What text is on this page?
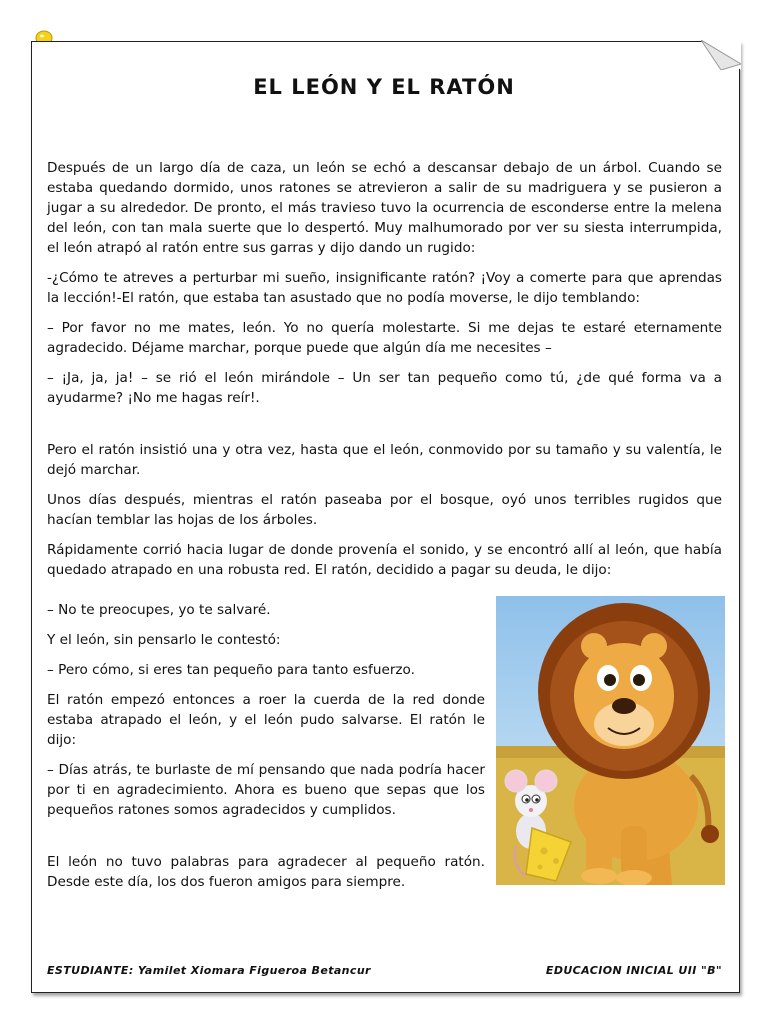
EL LEÓN Y EL RATÓN

Después de un largo día de caza, un león se echó a descansar debajo de un árbol. Cuando se estaba quedando dormido, unos ratones se atrevieron a salir de su madriguera y se pusieron a jugar a su alrededor. De pronto, el más travieso tuvo la ocurrencia de esconderse entre la melena del león, con tan mala suerte que lo despertó. Muy malhumorado por ver su siesta interrumpida, el león atrapó al ratón entre sus garras y dijo dando un rugido:

-¿Cómo te atreves a perturbar mi sueño, insignificante ratón? ¡Voy a comerte para que aprendas la lección!-El ratón, que estaba tan asustado que no podía moverse, le dijo temblando:

– Por favor no me mates, león. Yo no quería molestarte. Si me dejas te estaré eternamente agradecido. Déjame marchar, porque puede que algún día me necesites –

– ¡Ja, ja, ja! – se rió el león mirándole – Un ser tan pequeño como tú, ¿de qué forma va a ayudarme? ¡No me hagas reír!.

Pero el ratón insistió una y otra vez, hasta que el león, conmovido por su tamaño y su valentía, le dejó marchar.

Unos días después, mientras el ratón paseaba por el bosque, oyó unos terribles rugidos que hacían temblar las hojas de los árboles.

Rápidamente corrió hacia lugar de donde provenía el sonido, y se encontró allí al león, que había quedado atrapado en una robusta red. El ratón, decidido a pagar su deuda, le dijo:

– No te preocupes, yo te salvaré.

Y el león, sin pensarlo le contestó:

– Pero cómo, si eres tan pequeño para tanto esfuerzo.

El ratón empezó entonces a roer la cuerda de la red donde estaba atrapado el león, y el león pudo salvarse. El ratón le dijo:

– Días atrás, te burlaste de mí pensando que nada podría hacer por ti en agradecimiento. Ahora es bueno que sepas que los pequeños ratones somos agradecidos y cumplidos.

El león no tuvo palabras para agradecer al pequeño ratón. Desde este día, los dos fueron amigos para siempre.

ESTUDIANTE: Yamilet Xiomara Figueroa Betancur	EDUCACION INICIAL UII "B"
